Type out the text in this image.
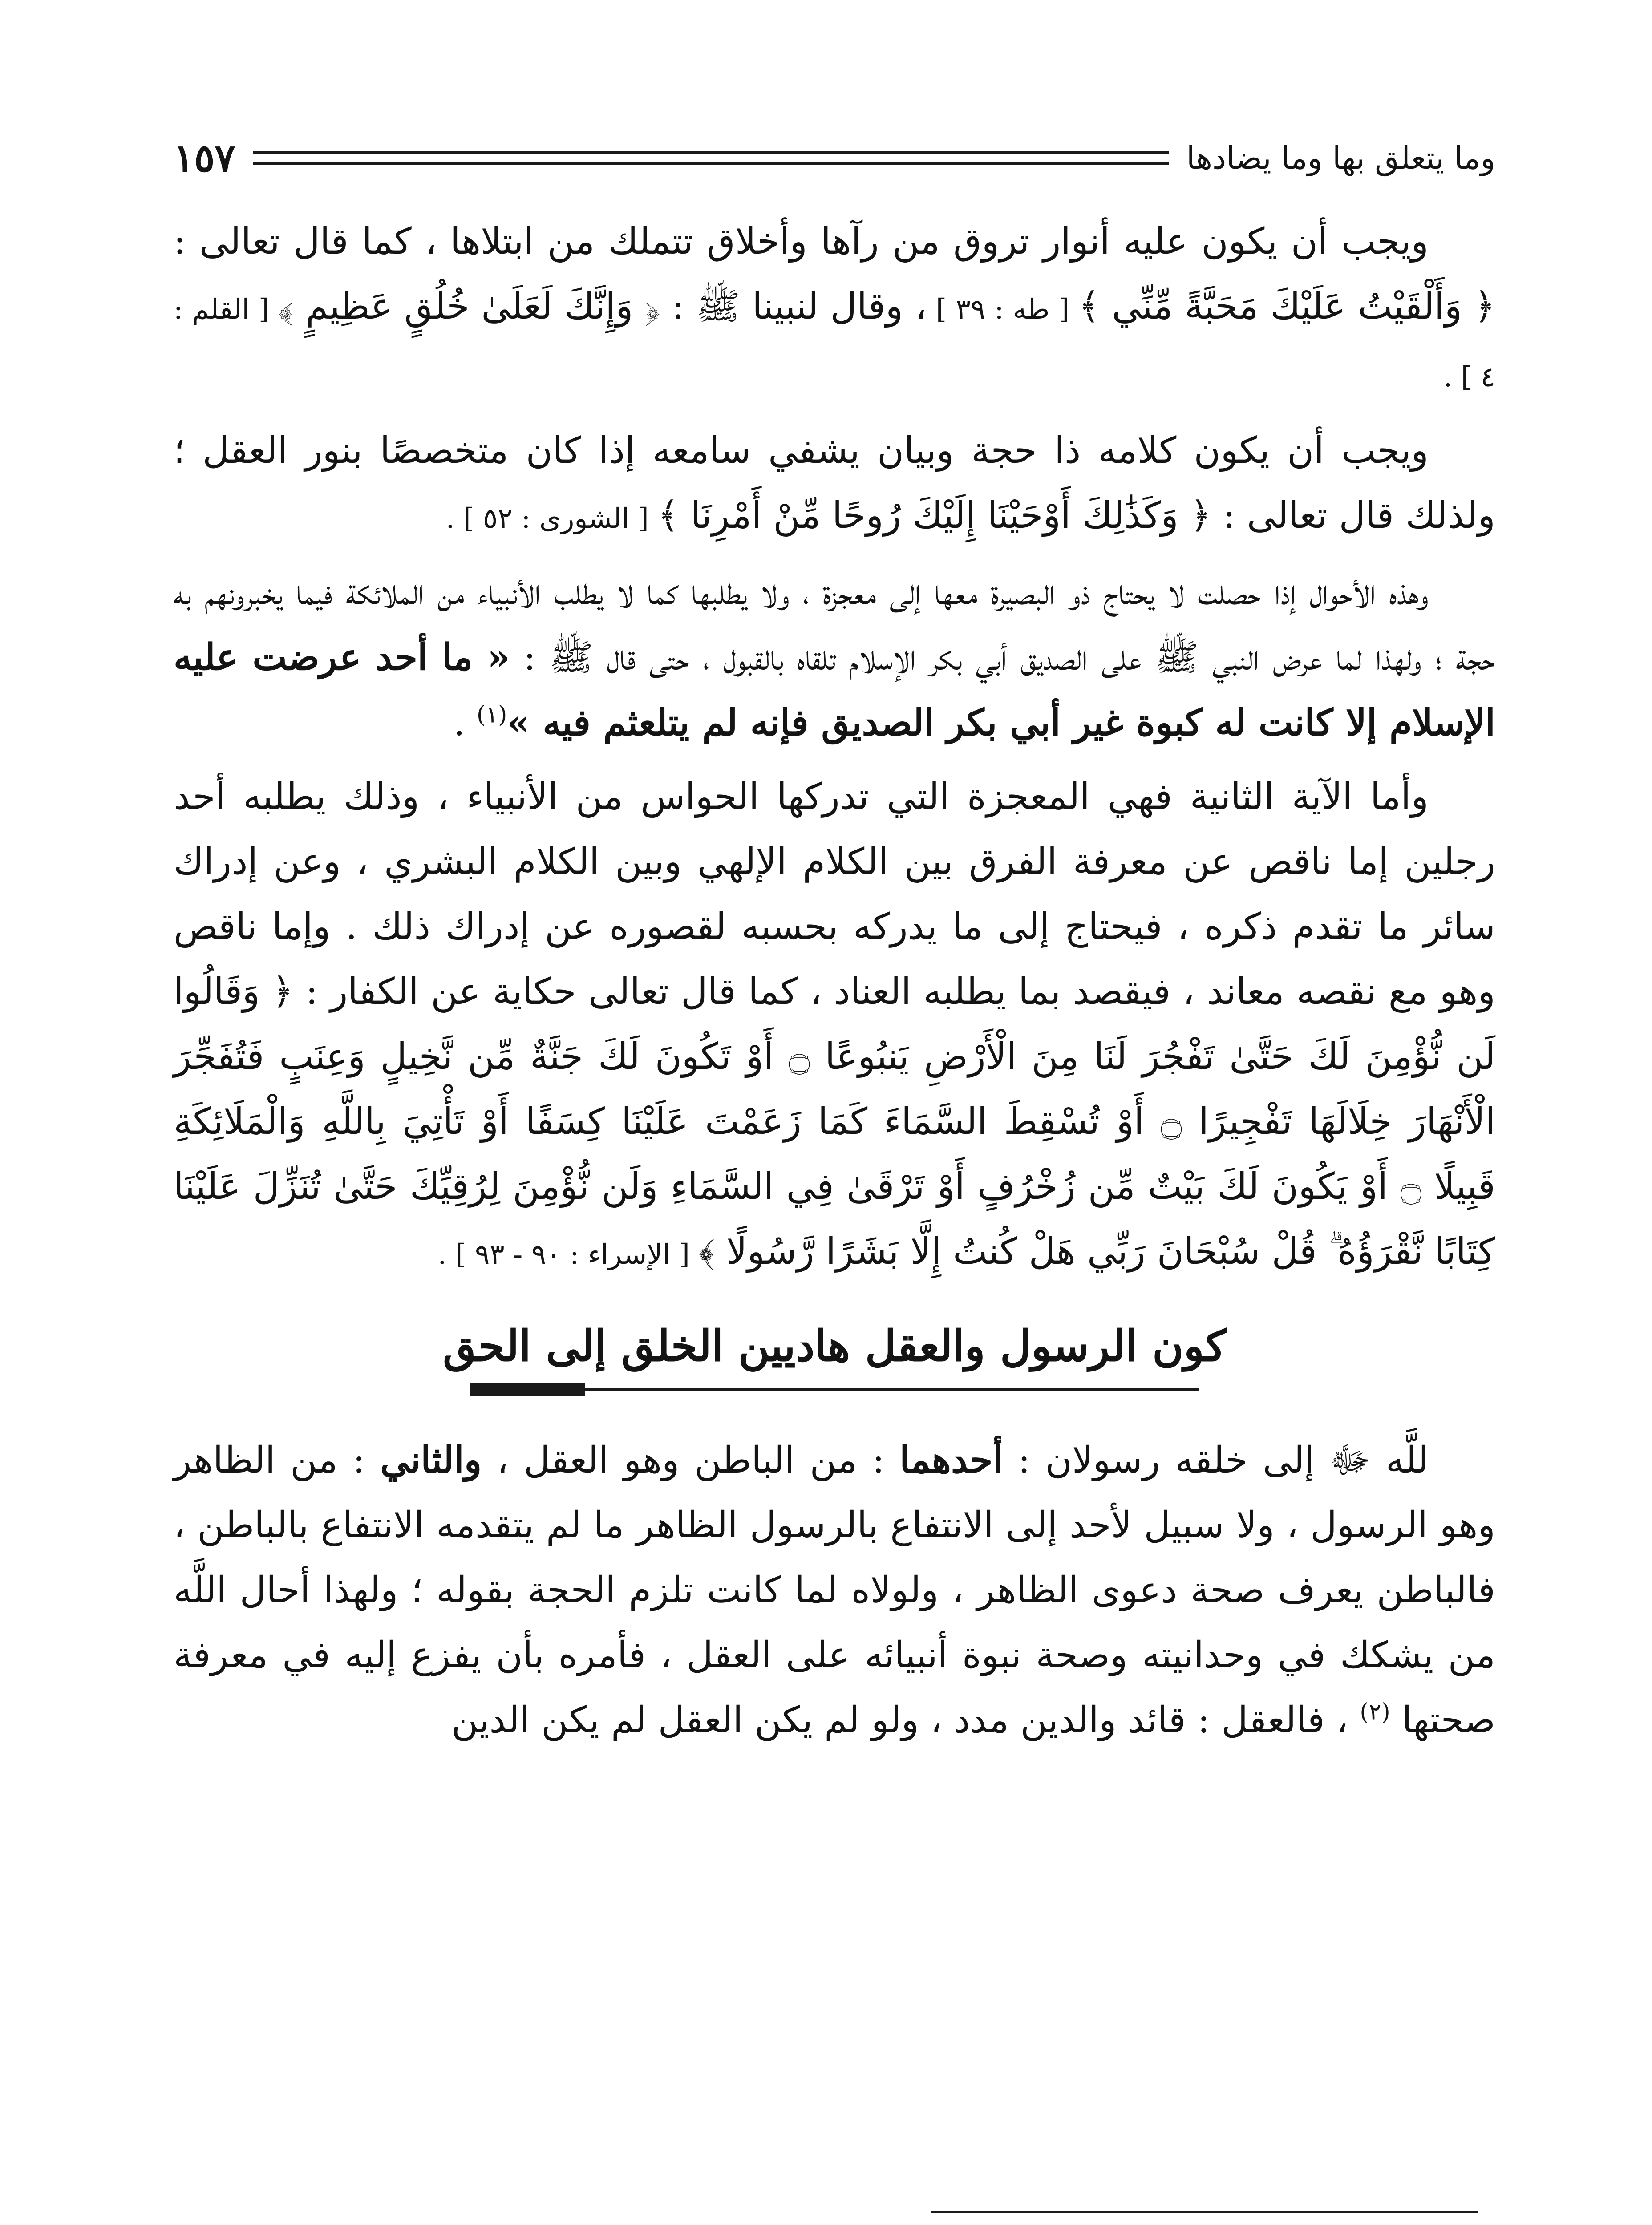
وما يتعلق بها وما يضادها
١٥٧

ويجب أن يكون عليه أنوار تروق من رآها وأخلاق تتملك من ابتلاها ، كما قال تعالى : ﴿ وَأَلْقَيْتُ عَلَيْكَ مَحَبَّةً مِّنِّي ﴾ [ طه : ٣٩ ] ، وقال لنبينا ﷺ : ﴿ وَإِنَّكَ لَعَلَىٰ خُلُقٍ عَظِيمٍ ﴾ [ القلم : ٤ ] .

ويجب أن يكون كلامه ذا حجة وبيان يشفي سامعه إذا كان متخصصًا بنور العقل ؛ ولذلك قال تعالى : ﴿ وَكَذَٰلِكَ أَوْحَيْنَا إِلَيْكَ رُوحًا مِّنْ أَمْرِنَا ﴾ [ الشورى : ٥٢ ] .

وهذه الأحوال إذا حصلت لا يحتاج ذو البصيرة معها إلى معجزة ، ولا يطلبها كما لا يطلب الأنبياء من الملائكة فيما يخبرونهم به حجة ؛ ولهذا لما عرض النبي ﷺ على الصديق أبي بكر الإسلام تلقاه بالقبول ، حتى قال ﷺ : « ما أحد عرضت عليه الإسلام إلا كانت له كبوة غير أبي بكر الصديق فإنه لم يتلعثم فيه »$^{(١)}$ .

وأما الآية الثانية فهي المعجزة التي تدركها الحواس من الأنبياء ، وذلك يطلبه أحد رجلين إما ناقص عن معرفة الفرق بين الكلام الإلهي وبين الكلام البشري ، وعن إدراك سائر ما تقدم ذكره ، فيحتاج إلى ما يدركه بحسبه لقصوره عن إدراك ذلك . وإما ناقص وهو مع نقصه معاند ، فيقصد بما يطلبه العناد ، كما قال تعالى حكاية عن الكفار : ﴿ وَقَالُوا لَن نُّؤْمِنَ لَكَ حَتَّىٰ تَفْجُرَ لَنَا مِنَ الْأَرْضِ يَنبُوعًا ۝ أَوْ تَكُونَ لَكَ جَنَّةٌ مِّن نَّخِيلٍ وَعِنَبٍ فَتُفَجِّرَ الْأَنْهَارَ خِلَالَهَا تَفْجِيرًا ۝ أَوْ تُسْقِطَ السَّمَاءَ كَمَا زَعَمْتَ عَلَيْنَا كِسَفًا أَوْ تَأْتِيَ بِاللَّهِ وَالْمَلَائِكَةِ قَبِيلًا ۝ أَوْ يَكُونَ لَكَ بَيْتٌ مِّن زُخْرُفٍ أَوْ تَرْقَىٰ فِي السَّمَاءِ وَلَن نُّؤْمِنَ لِرُقِيِّكَ حَتَّىٰ تُنَزِّلَ عَلَيْنَا كِتَابًا نَّقْرَؤُهُ ۗ قُلْ سُبْحَانَ رَبِّي هَلْ كُنتُ إِلَّا بَشَرًا رَّسُولًا ﴾ [ الإسراء : ٩٠ - ٩٣ ] .

كون الرسول والعقل هاديين الخلق إلى الحق

للَّه ﷻ إلى خلقه رسولان : أحدهما : من الباطن وهو العقل ، والثاني : من الظاهر وهو الرسول ، ولا سبيل لأحد إلى الانتفاع بالرسول الظاهر ما لم يتقدمه الانتفاع بالباطن ، فالباطن يعرف صحة دعوى الظاهر ، ولولاه لما كانت تلزم الحجة بقوله ؛ ولهذا أحال اللَّه من يشكك في وحدانيته وصحة نبوة أنبيائه على العقل ، فأمره بأن يفزع إليه في معرفة صحتها $^{(٢)}$ ، فالعقل : قائد والدين مدد ، ولو لم يكن العقل لم يكن الدين
